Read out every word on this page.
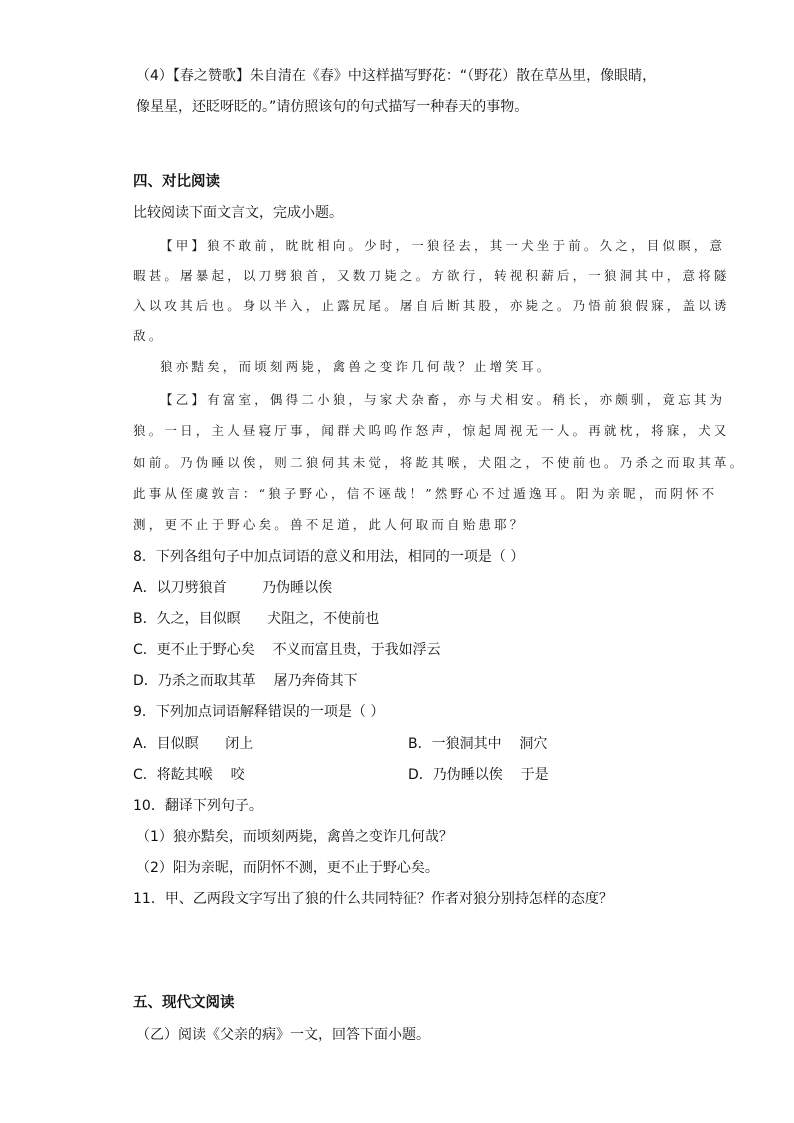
（4）【春之赞歌】朱自清在《春》中这样描写野花：“（野花）散在草丛里，像眼睛，
像星星，还眨呀眨的。”请仿照该句的句式描写一种春天的事物。
四、对比阅读
比较阅读下面文言文，完成小题。
【甲】狼不敢前，眈眈相向。少时，一狼径去，其一犬坐于前。久之，目似瞑，意
暇甚。屠暴起，以刀劈狼首，又数刀毙之。方欲行，转视积薪后，一狼洞其中，意将隧
入以攻其后也。身以半入，止露尻尾。屠自后断其股，亦毙之。乃悟前狼假寐，盖以诱
敌。
狼亦黠矣，而顷刻两毙，禽兽之变诈几何哉？止增笑耳。
【乙】有富室，偶得二小狼，与家犬杂畜，亦与犬相安。稍长，亦颇驯，竟忘其为
狼。一日，主人昼寝厅事，闻群犬呜呜作怒声，惊起周视无一人。再就枕，将寐，犬又
如前。乃伪睡以俟，则二狼伺其未觉，将龁其喉，犬阻之，不使前也。乃杀之而取其革。
此事从侄虞敦言：“狼子野心，信不诬哉！”然野心不过遁逸耳。阳为亲昵，而阴怀不
测，更不止于野心矣。兽不足道，此人何取而自贻患耶？
8．下列各组句子中加点词语的意义和用法，相同的一项是（ ）
A．以刀劈狼首        乃伪睡以俟
B．久之，目似瞑      犬阻之，不使前也
C．更不止于野心矣    不义而富且贵，于我如浮云
D．乃杀之而取其革    屠乃奔倚其下
9．下列加点词语解释错误的一项是（ ）
A．目似瞑      闭上	B．一狼洞其中    洞穴
C．将龁其喉    咬	D．乃伪睡以俟    于是
10．翻译下列句子。
（1）狼亦黠矣，而顷刻两毙，禽兽之变诈几何哉？
（2）阳为亲昵，而阴怀不测，更不止于野心矣。
11．甲、乙两段文字写出了狼的什么共同特征？作者对狼分别持怎样的态度？
五、现代文阅读
（乙）阅读《父亲的病》一文，回答下面小题。
